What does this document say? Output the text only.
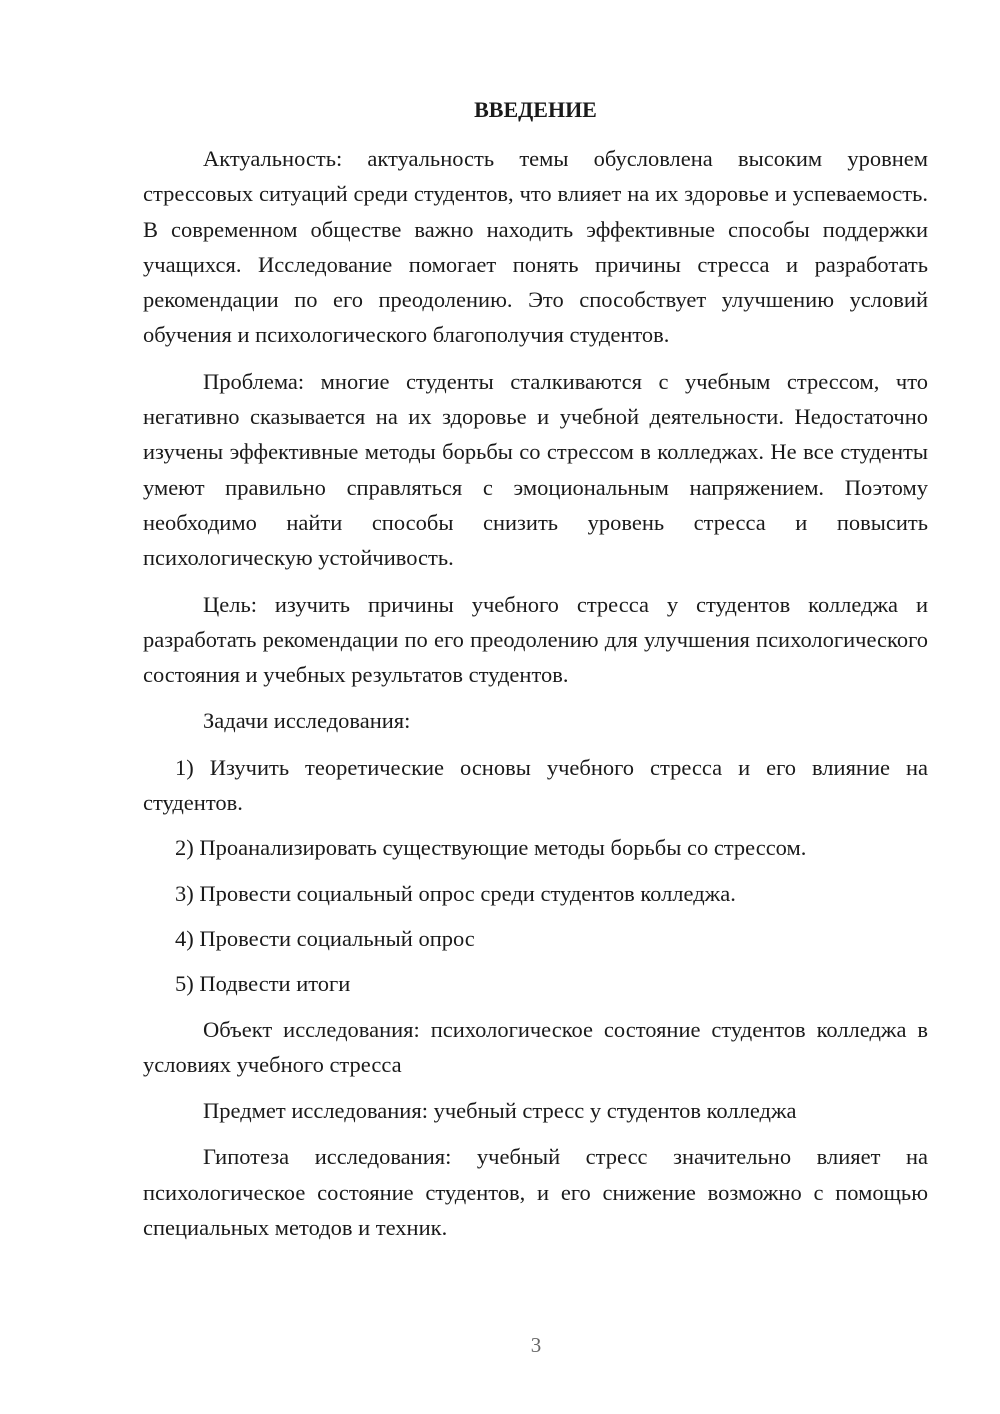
ВВЕДЕНИЕ
Актуальность: актуальность темы обусловлена высоким уровнем стрессовых ситуаций среди студентов, что влияет на их здоровье и успеваемость. В современном обществе важно находить эффективные способы поддержки учащихся. Исследование помогает понять причины стресса и разработать рекомендации по его преодолению. Это способствует улучшению условий обучения и психологического благополучия студентов.
Проблема: многие студенты сталкиваются с учебным стрессом, что негативно сказывается на их здоровье и учебной деятельности. Недостаточно изучены эффективные методы борьбы со стрессом в колледжах. Не все студенты умеют правильно справляться с эмоциональным напряжением. Поэтому необходимо найти способы снизить уровень стресса и повысить психологическую устойчивость.
Цель: изучить причины учебного стресса у студентов колледжа и разработать рекомендации по его преодолению для улучшения психологического состояния и учебных результатов студентов.
Задачи исследования:
1) Изучить теоретические основы учебного стресса и его влияние на студентов.
2) Проанализировать существующие методы борьбы со стрессом.
3) Провести социальный опрос среди студентов колледжа.
4) Провести социальный опрос
5) Подвести итоги
Объект исследования: психологическое состояние студентов колледжа в условиях учебного стресса
Предмет исследования: учебный стресс у студентов колледжа
Гипотеза исследования: учебный стресс значительно влияет на психологическое состояние студентов, и его снижение возможно с помощью специальных методов и техник.
3
